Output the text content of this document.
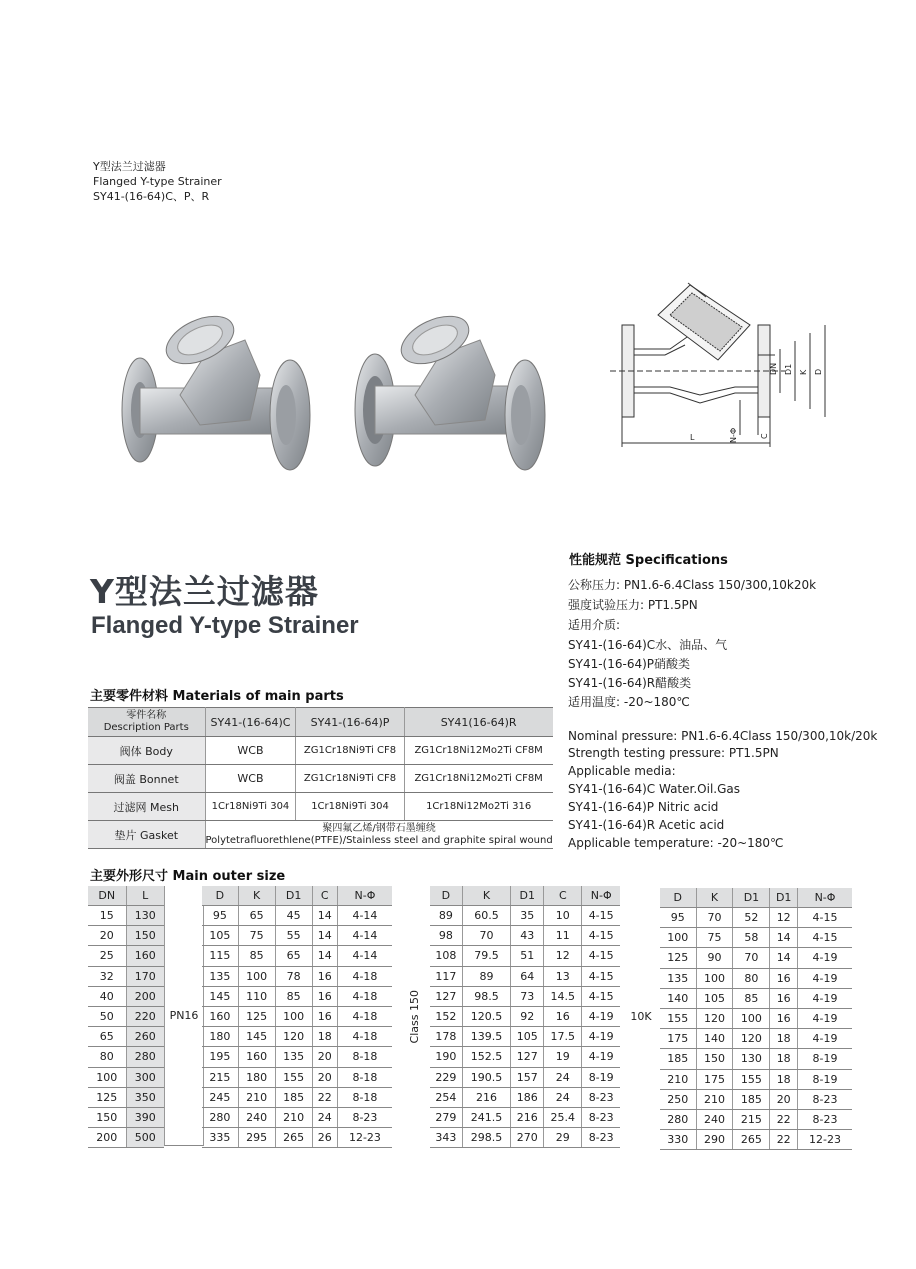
Y型法兰过滤器
Flanged Y-type Strainer
SY41-(16-64)C、P、R
DN D1 K D
L	N-Φ	C
Y型法兰过滤器
Flanged Y-type Strainer
性能规范 Specifications
公称压力: PN1.6-6.4Class 150/300,10k20k
强度试验压力: PT1.5PN
适用介质:
SY41-(16-64)C水、油品、气
SY41-(16-64)P硝酸类
SY41-(16-64)R醋酸类
适用温度: -20~180℃
Nominal pressure: PN1.6-6.4Class 150/300,10k/20k
Strength testing pressure: PT1.5PN
Applicable media:
SY41-(16-64)C Water.Oil.Gas
SY41-(16-64)P Nitric acid
SY41-(16-64)R Acetic acid
Applicable temperature: -20~180℃
主要零件材料 Materials of main parts
零件名称
Description Parts	SY41-(16-64)C	SY41-(16-64)P	SY41(16-64)R
阀体 Body	WCB	ZG1Cr18Ni9Ti CF8	ZG1Cr18Ni12Mo2Ti CF8M
阀盖 Bonnet	WCB	ZG1Cr18Ni9Ti CF8	ZG1Cr18Ni12Mo2Ti CF8M
过滤网 Mesh	1Cr18Ni9Ti 304	1Cr18Ni9Ti 304	1Cr18Ni12Mo2Ti 316
垫片 Gasket	聚四氟乙烯/钢带石墨缠绕
Polytetrafluorethlene(PTFE)/Stainless steel and graphite spiral wound		
主要外形尺寸 Main outer size
DN	L
15	130
20	150
25	160
32	170
40	200
50	220
65	260
80	280
100	300
125	350
150	390
200	500
PN16
D	K	D1	C	N-Φ
95	65	45	14	4-14
105	75	55	14	4-14
115	85	65	14	4-14
135	100	78	16	4-18
145	110	85	16	4-18
160	125	100	16	4-18
180	145	120	18	4-18
195	160	135	20	8-18
215	180	155	20	8-18
245	210	185	22	8-18
280	240	210	24	8-23
335	295	265	26	12-23
Class 150
D	K	D1	C	N-Φ
89	60.5	35	10	4-15
98	70	43	11	4-15
108	79.5	51	12	4-15
117	89	64	13	4-15
127	98.5	73	14.5	4-15
152	120.5	92	16	4-19
178	139.5	105	17.5	4-19
190	152.5	127	19	4-19
229	190.5	157	24	8-19
254	216	186	24	8-23
279	241.5	216	25.4	8-23
343	298.5	270	29	8-23
10K
D	K	D1	D1	N-Φ
95	70	52	12	4-15
100	75	58	14	4-15
125	90	70	14	4-19
135	100	80	16	4-19
140	105	85	16	4-19
155	120	100	16	4-19
175	140	120	18	4-19
185	150	130	18	8-19
210	175	155	18	8-19
250	210	185	20	8-23
280	240	215	22	8-23
330	290	265	22	12-23
